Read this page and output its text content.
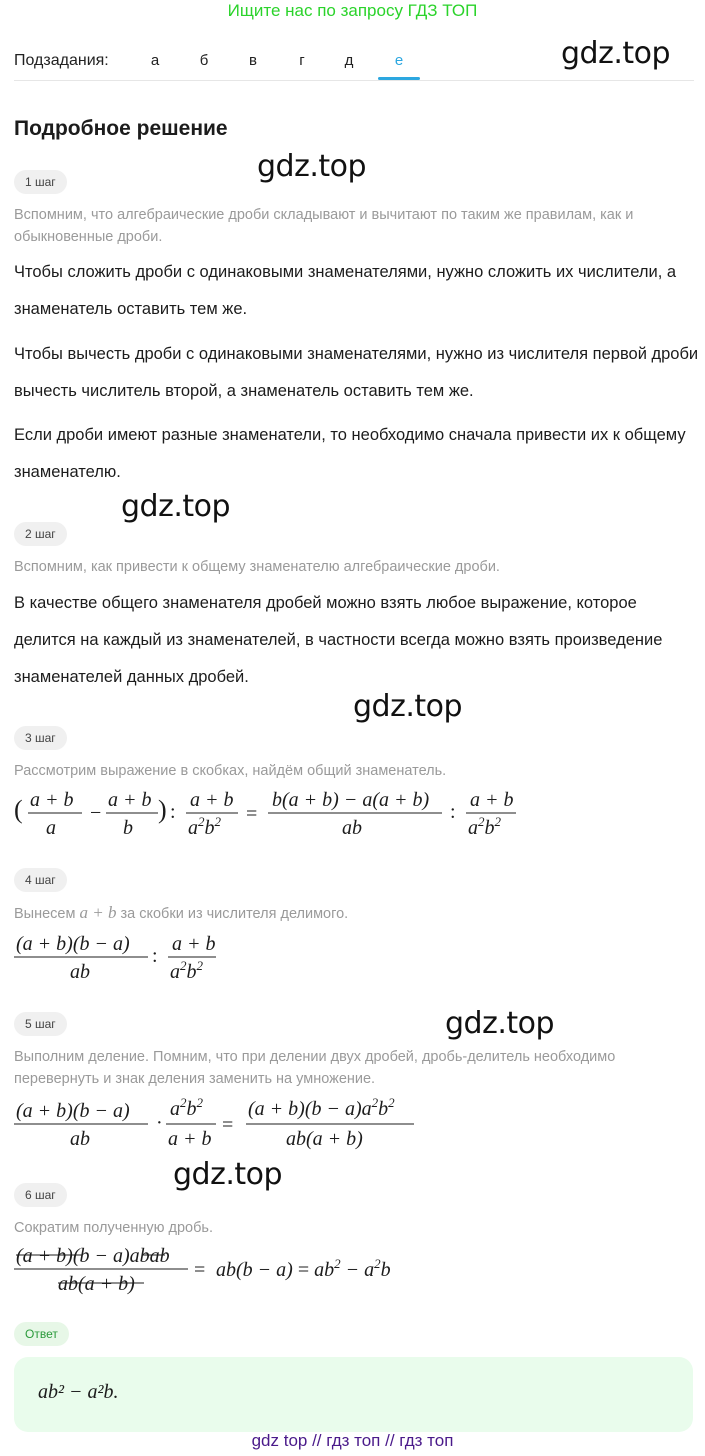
Ищите нас по запросу ГДЗ ТОП
Подзадания:	а	б	в	г	д	е	gdz.top
gdz.top
gdz.top
gdz.top
gdz.top
gdz.top
Подробное решение
1 шаг
Вспомним, что алгебраические дроби складывают и вычитают по таким же правилам, как и обыкновенные дроби.
Чтобы сложить дроби с одинаковыми знаменателями, нужно сложить их числители, а знаменатель оставить тем же.
Чтобы вычесть дроби с одинаковыми знаменателями, нужно из числителя первой дроби вычесть числитель второй, а знаменатель оставить тем же.
Если дроби имеют разные знаменатели, то необходимо сначала привести их к общему знаменателю.
2 шаг
Вспомним, как привести к общему знаменателю алгебраические дроби.
В качестве общего знаменателя дробей можно взять любое выражение, которое делится на каждый из знаменателей, в частности всегда можно взять произведение знаменателей данных дробей.
3 шаг
Рассмотрим выражение в скобках, найдём общий знаменатель.
( a + b
a
−
a + b
b
) :
a + b
$a^2b^2$ =
b(a + b) − a(a + b)
ab
:
a + b
$a^2b^2$
4 шаг
Вынесем a + b за скобки из числителя делимого.
(a + b)(b − a)
ab
:
a + b
$a^2b^2$
5 шаг
Выполним деление. Помним, что при делении двух дробей, дробь-делитель необходимо перевернуть и знак деления заменить на умножение.
(a + b)(b − a)
ab
·
$a^2b^2$
a + b
=
$(a + b)(b - a)a^2b^2$
ab(a + b)
6 шаг
Сократим полученную дробь.
(a + b)(b − a)abab
ab(a + b)
= $ab(b - a) = ab^2 - a^2b$
Ответ
ab² − a²b.
gdz top // гдз топ // гдз топ
